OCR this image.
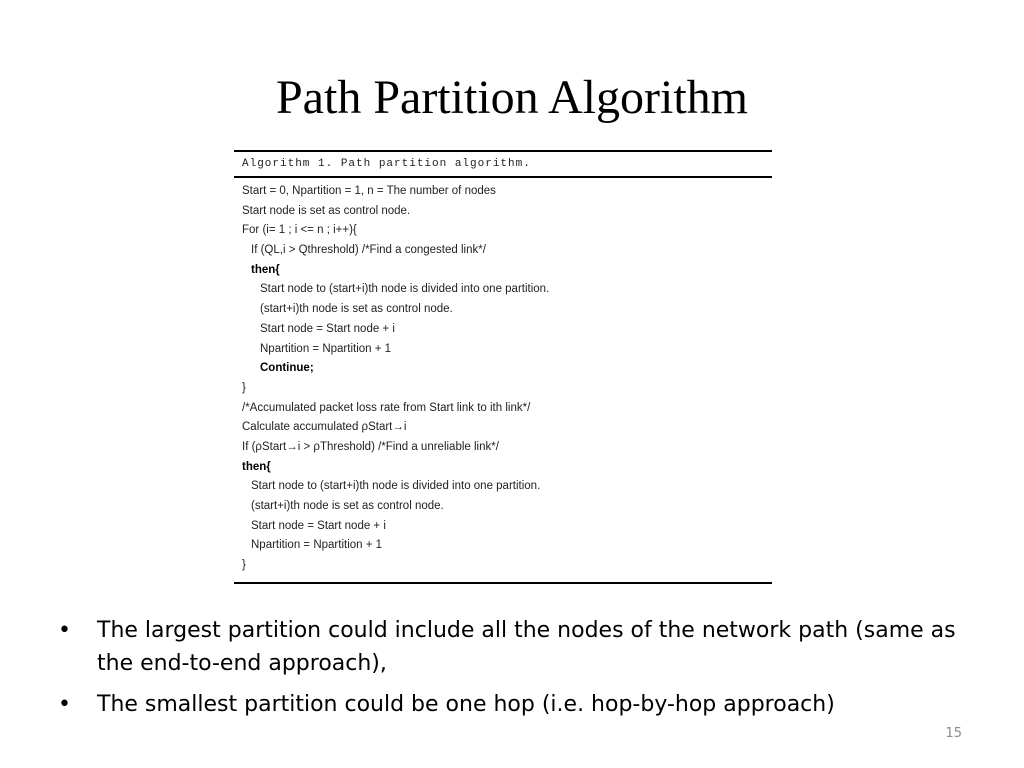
Path Partition Algorithm
Algorithm 1. Path partition algorithm.
Start = 0, Npartition = 1, n = The number of nodes
Start node is set as control node.
For (i= 1 ; i <= n ; i++){
If (QL,i > Qthreshold) /*Find a congested link*/
then{
Start node to (start+i)th node is divided into one partition.
(start+i)th node is set as control node.
Start node = Start node + i
Npartition = Npartition + 1
Continue;
}
/*Accumulated packet loss rate from Start link to ith link*/
Calculate accumulated ρStart→i
If (ρStart→i > ρThreshold) /*Find a unreliable link*/
then{
Start node to (start+i)th node is divided into one partition.
(start+i)th node is set as control node.
Start node = Start node + i
Npartition = Npartition + 1
}
• The largest partition could include all the nodes of the network path (same as the end-to-end approach),
• The smallest partition could be one hop (i.e. hop-by-hop approach)
15
